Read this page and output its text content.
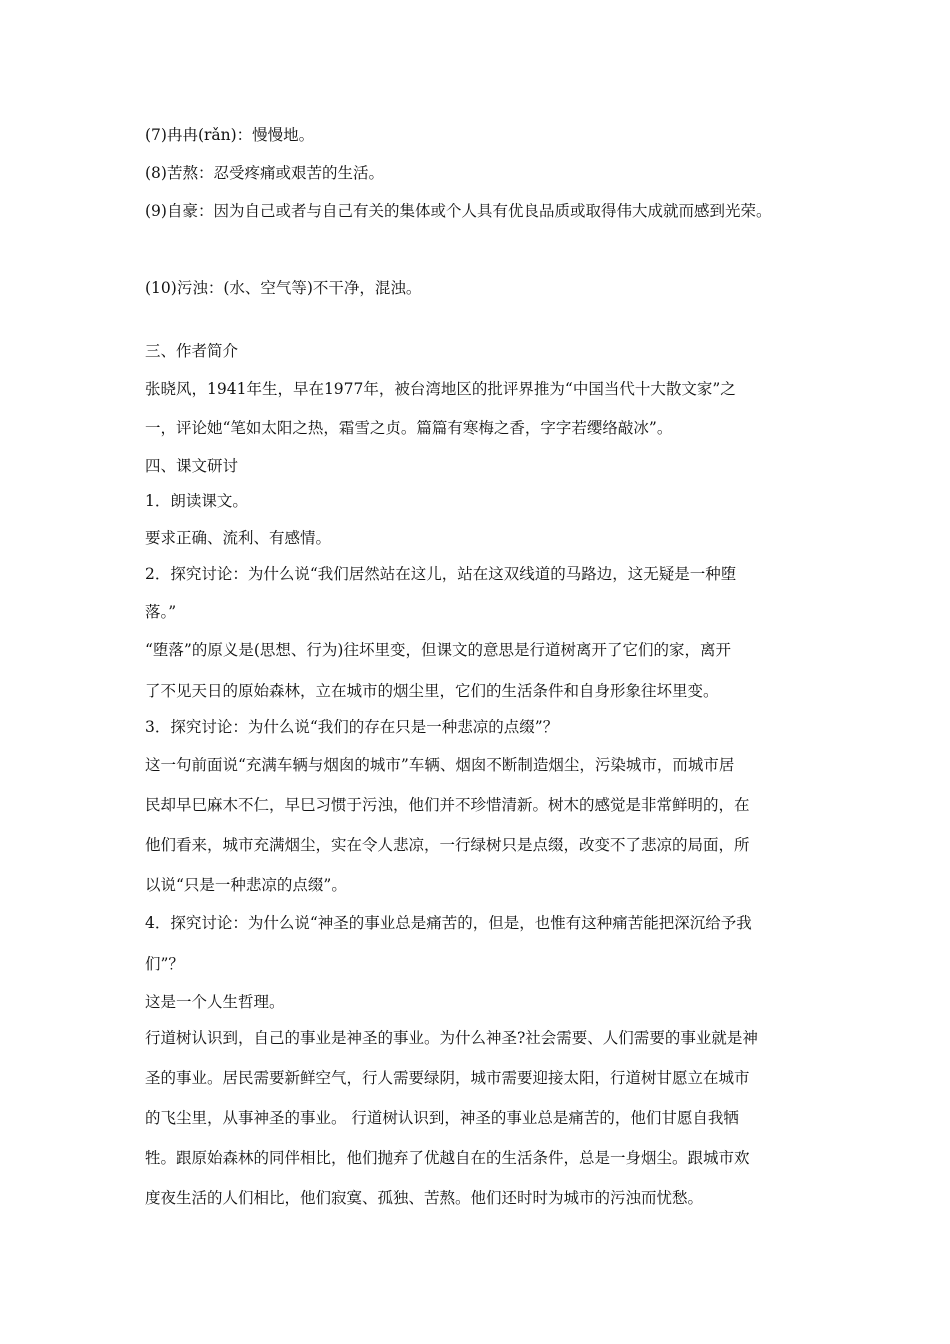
(7)冉冉(rǎn)：慢慢地。
(8)苦熬：忍受疼痛或艰苦的生活。
(9)自豪：因为自己或者与自己有关的集体或个人具有优良品质或取得伟大成就而感到光荣。
(10)污浊：(水、空气等)不干净，混浊。
三、作者简介
张晓风，1941年生，早在1977年，被台湾地区的批评界推为“中国当代十大散文家”之
一，评论她“笔如太阳之热，霜雪之贞。篇篇有寒梅之香，字字若缨络敲冰”。
四、课文研讨
1．朗读课文。
要求正确、流利、有感情。
2．探究讨论：为什么说“我们居然站在这儿，站在这双线道的马路边，这无疑是一种堕
落。”
“堕落”的原义是(思想、行为)往坏里变，但课文的意思是行道树离开了它们的家，离开
了不见天日的原始森林，立在城市的烟尘里，它们的生活条件和自身形象往坏里变。
3．探究讨论：为什么说“我们的存在只是一种悲凉的点缀”？
这一句前面说“充满车辆与烟囱的城市”车辆、烟囱不断制造烟尘，污染城市，而城市居
民却早巳麻木不仁，早巳习惯于污浊，他们并不珍惜清新。树木的感觉是非常鲜明的，在
他们看来，城市充满烟尘，实在令人悲凉，一行绿树只是点缀，改变不了悲凉的局面，所
以说“只是一种悲凉的点缀”。
4．探究讨论：为什么说“神圣的事业总是痛苦的，但是，也惟有这种痛苦能把深沉给予我
们”？
这是一个人生哲理。
行道树认识到，自己的事业是神圣的事业。为什么神圣?社会需要、人们需要的事业就是神
圣的事业。居民需要新鲜空气，行人需要绿阴，城市需要迎接太阳，行道树甘愿立在城市
的飞尘里，从事神圣的事业。 行道树认识到，神圣的事业总是痛苦的，他们甘愿自我牺
牲。跟原始森林的同伴相比，他们抛弃了优越自在的生活条件，总是一身烟尘。跟城市欢
度夜生活的人们相比，他们寂寞、孤独、苦熬。他们还时时为城市的污浊而忧愁。
